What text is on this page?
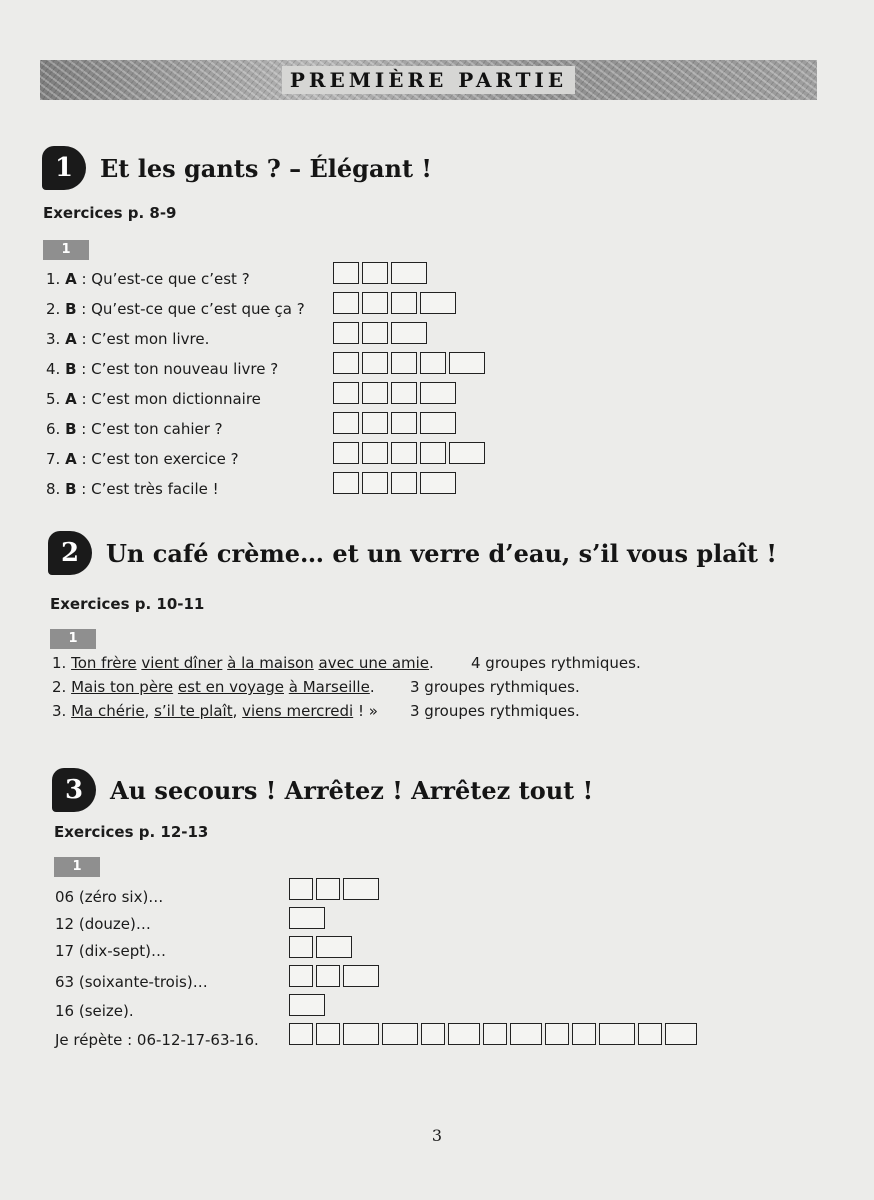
PREMIÈRE PARTIE
1	Et les gants ? – Élégant !
Exercices p. 8-9
1
1. A : Qu’est-ce que c’est ?
2. B : Qu’est-ce que c’est que ça ?
3. A : C’est mon livre.
4. B : C’est ton nouveau livre ?
5. A : C’est mon dictionnaire
6. B : C’est ton cahier ?
7. A : C’est ton exercice ?
8. B : C’est très facile !
2	Un café crème… et un verre d’eau, s’il vous plaît !
Exercices p. 10-11
1
1. Ton frère vient dîner à la maison avec une amie. 4 groupes rythmiques.
2. Mais ton père est en voyage à Marseille. 3 groupes rythmiques.
3. Ma chérie, s’il te plaît, viens mercredi ! » 3 groupes rythmiques.
3	Au secours ! Arrêtez ! Arrêtez tout !
Exercices p. 12-13
1
06 (zéro six)…
12 (douze)…
17 (dix-sept)…
63 (soixante-trois)…
16 (seize).
Je répète : 06-12-17-63-16.
3
